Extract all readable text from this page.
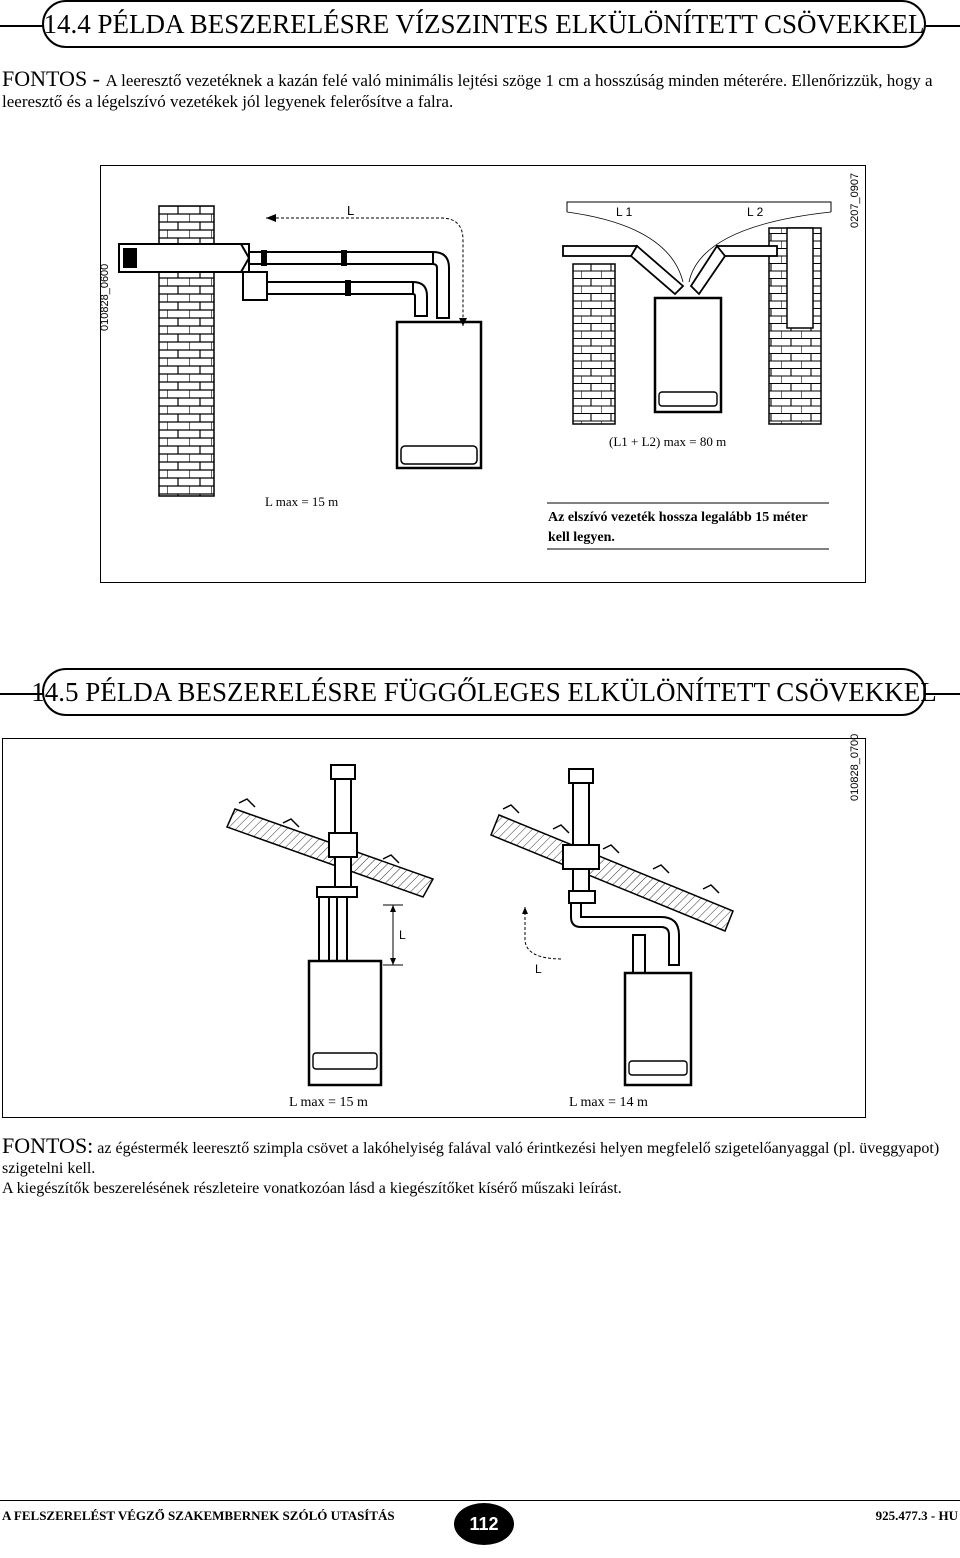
14.4 PÉLDA BESZERELÉSRE VÍZSZINTES ELKÜLÖNÍTETT CSÖVEKKEL
FONTOS - A leeresztő vezetéknek a kazán felé való minimális lejtési szöge 1 cm a hosszúság minden méterére. Ellenőrizzük, hogy a leeresztő és a légelszívó vezetékek jól legyenek felerősítve a falra.
L	L 1	L 2
010828_0600
0207_0907
(L1 + L2) max = 80 m
L max = 15 m
Az elszívó vezeték hossza legalább 15 méter kell legyen.
14.5 PÉLDA BESZERELÉSRE FÜGGŐLEGES ELKÜLÖNÍTETT CSÖVEKKEL
L
L
010828_0700
L max = 15 m	L max = 14 m
FONTOS: az égéstermék leeresztő szimpla csövet a lakóhelyiség falával való érintkezési helyen megfelelő szigetelőanyaggal (pl. üveggyapot) szigetelni kell.
A kiegészítők beszerelésének részleteire vonatkozóan lásd a kiegészítőket kísérő műszaki leírást.
A FELSZERELÉST VÉGZŐ SZAKEMBERNEK SZÓLÓ UTASÍTÁS	925.477.3 - HU
112
